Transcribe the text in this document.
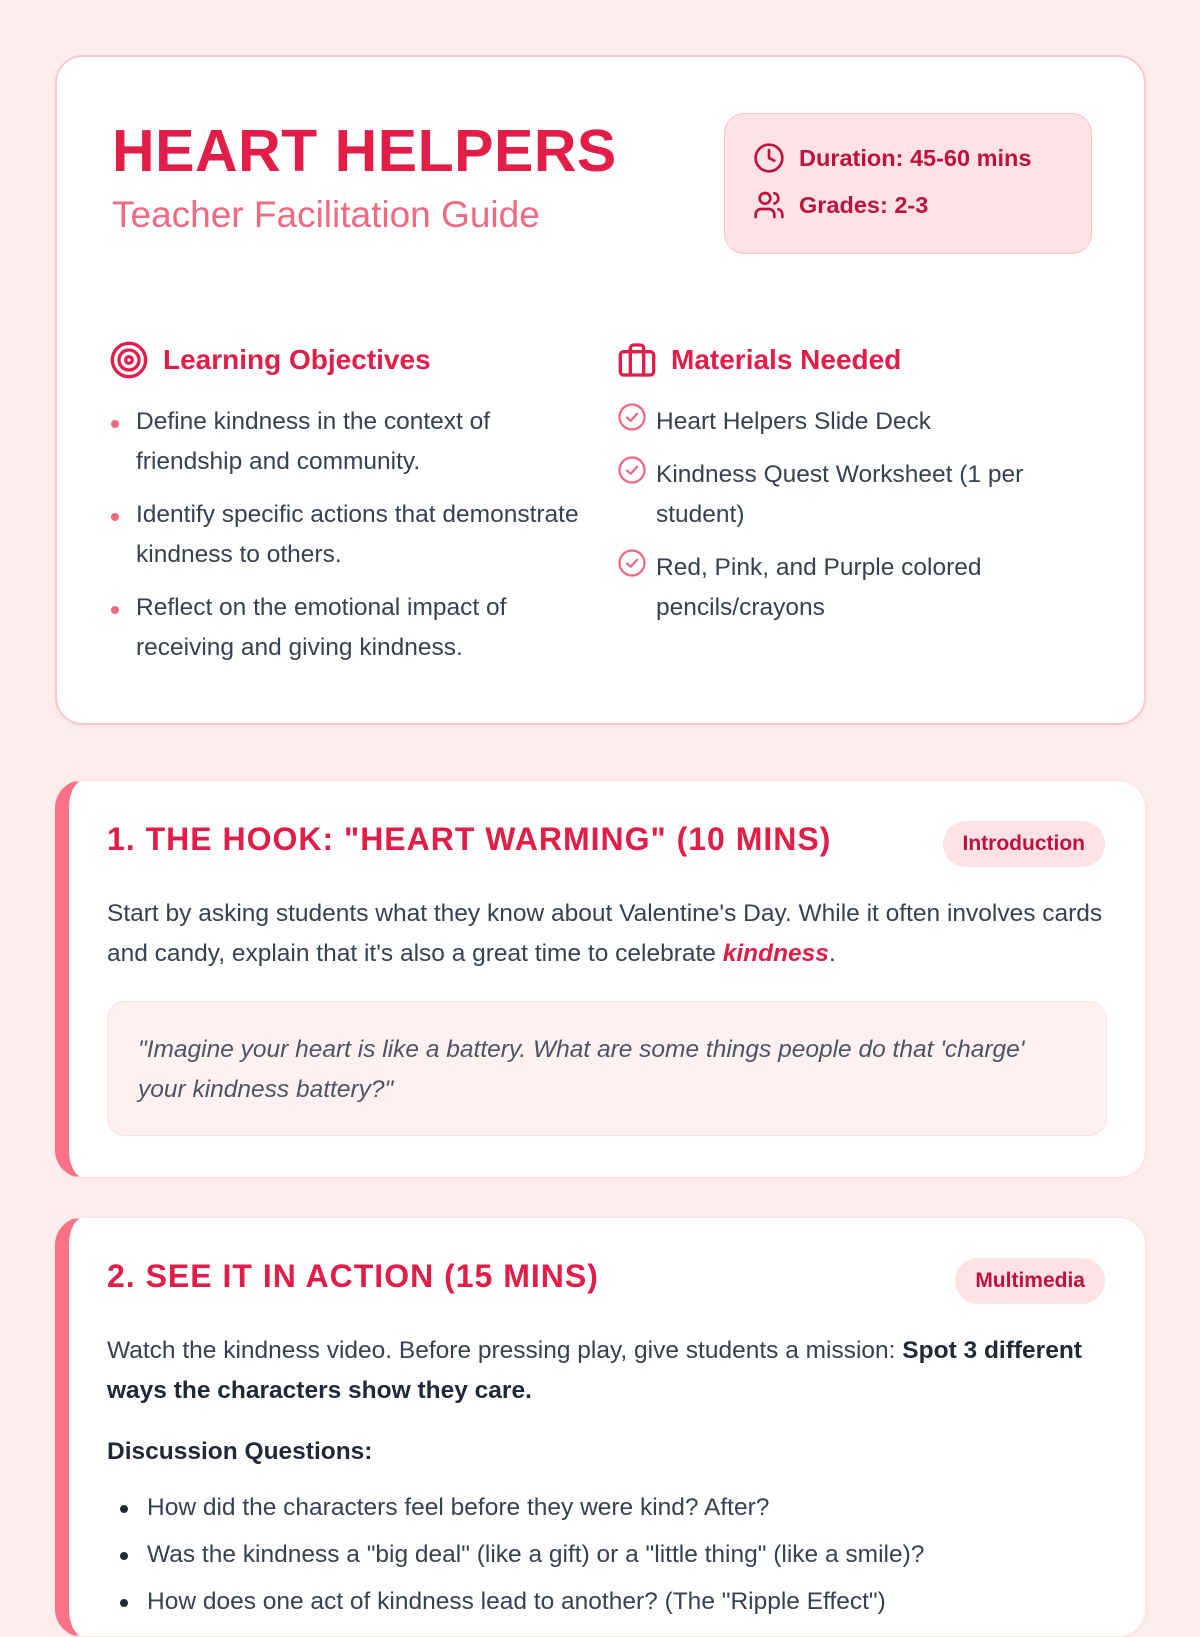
HEART HELPERS
Teacher Facilitation Guide
Duration: 45-60 mins
Grades: 2-3
Learning Objectives
Define kindness in the context of friendship and community.
Identify specific actions that demonstrate kindness to others.
Reflect on the emotional impact of receiving and giving kindness.
Materials Needed
Heart Helpers Slide Deck
Kindness Quest Worksheet (1 per student)
Red, Pink, and Purple colored pencils/crayons
1. THE HOOK: "HEART WARMING" (10 MINS)	Introduction
Start by asking students what they know about Valentine's Day. While it often involves cards and candy, explain that it's also a great time to celebrate kindness.
"Imagine your heart is like a battery. What are some things people do that 'charge' your kindness battery?"
2. SEE IT IN ACTION (15 MINS)	Multimedia
Watch the kindness video. Before pressing play, give students a mission: Spot 3 different ways the characters show they care.
Discussion Questions:
How did the characters feel before they were kind? After?
Was the kindness a "big deal" (like a gift) or a "little thing" (like a smile)?
How does one act of kindness lead to another? (The "Ripple Effect")
